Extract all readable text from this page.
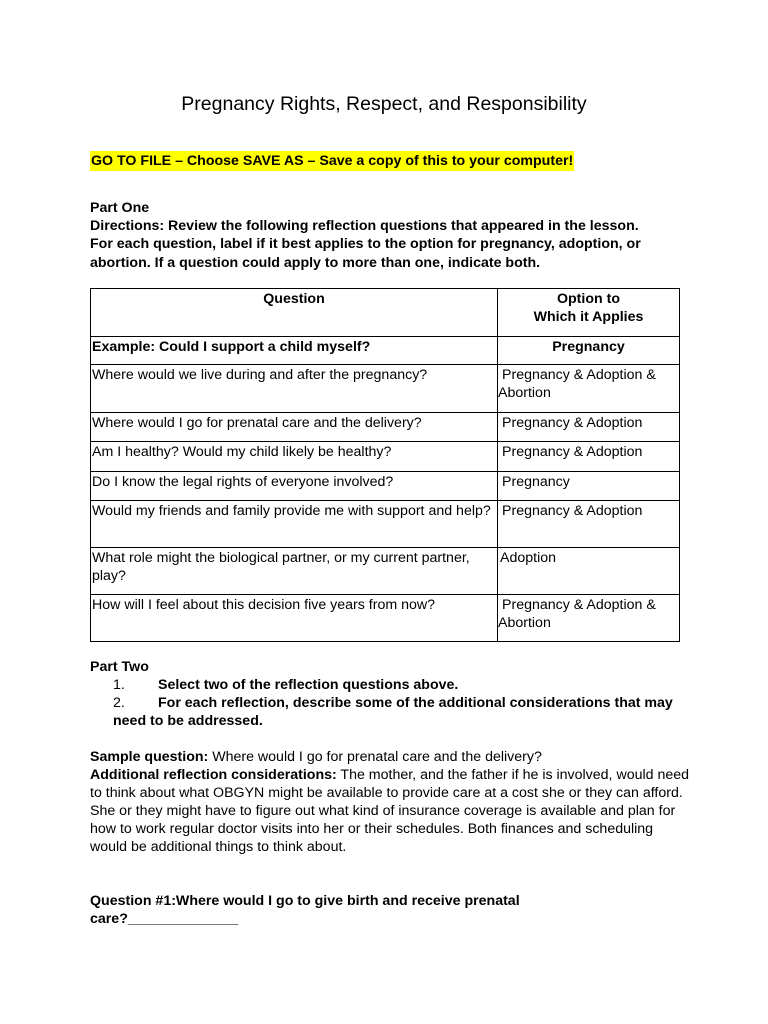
Pregnancy Rights, Respect, and Responsibility
GO TO FILE – Choose SAVE AS – Save a copy of this to your computer!
Part One
Directions: Review the following reflection questions that appeared in the lesson.
For each question, label if it best applies to the option for pregnancy, adoption, or
abortion. If a question could apply to more than one, indicate both.
Question	Option to
Which it Applies

Example: Could I support a child myself?	Pregnancy
Where would we live during and after the pregnancy?	Pregnancy & Adoption &
Abortion

Where would I go for prenatal care and the delivery?	Pregnancy & Adoption
Am I healthy? Would my child likely be healthy?	Pregnancy & Adoption
Do I know the legal rights of everyone involved?	Pregnancy
Would my friends and family provide me with support and help?	Pregnancy & Adoption
What role might the biological partner, or my current partner, play?	Adoption
How will I feel about this decision five years from now?	Pregnancy & Adoption &
Abortion
Part Two
1.	Select two of the reflection questions above.
2.	For each reflection, describe some of the additional considerations that may need to be addressed.
Sample question: Where would I go for prenatal care and the delivery?
Additional reflection considerations: The mother, and the father if he is involved, would need to think about what OBGYN might be available to provide care at a cost she or they can afford. She or they might have to figure out what kind of insurance coverage is available and plan for how to work regular doctor visits into her or their schedules. Both finances and scheduling would be additional things to think about.
Question #1:Where would I go to give birth and receive prenatal
care?______________
